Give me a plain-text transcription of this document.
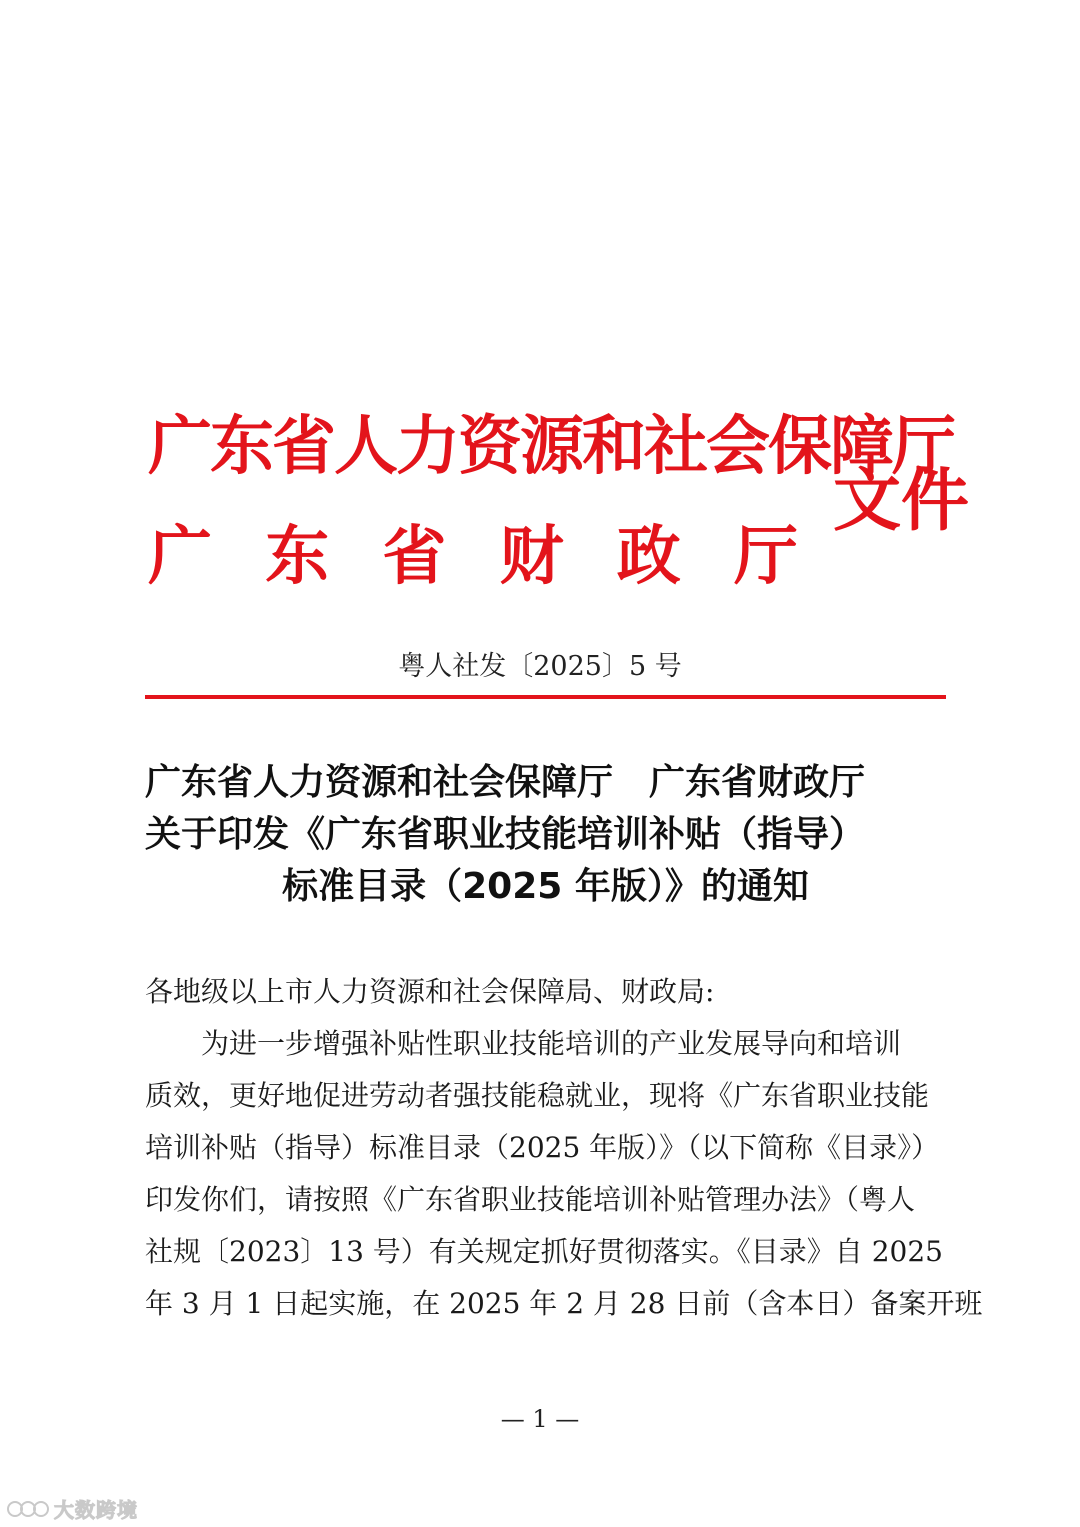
广东省人力资源和社会保障厅
广 东 省 财 政 厅
文件
粤人社发〔2025〕5 号
广东省人力资源和社会保障厅　广东省财政厅
关于印发《广东省职业技能培训补贴（指导）
标准目录（2025 年版）》的通知
各地级以上市人力资源和社会保障局、财政局:
　　为进一步增强补贴性职业技能培训的产业发展导向和培训
质效，更好地促进劳动者强技能稳就业，现将《广东省职业技能
培训补贴（指导）标准目录（2025 年版）》（以下简称《目录》）
印发你们，请按照《广东省职业技能培训补贴管理办法》（粤人
社规〔2023〕13 号）有关规定抓好贯彻落实。《目录》自 2025
年 3 月 1 日起实施，在 2025 年 2 月 28 日前（含本日）备案开班
— 1 —
大数跨境
